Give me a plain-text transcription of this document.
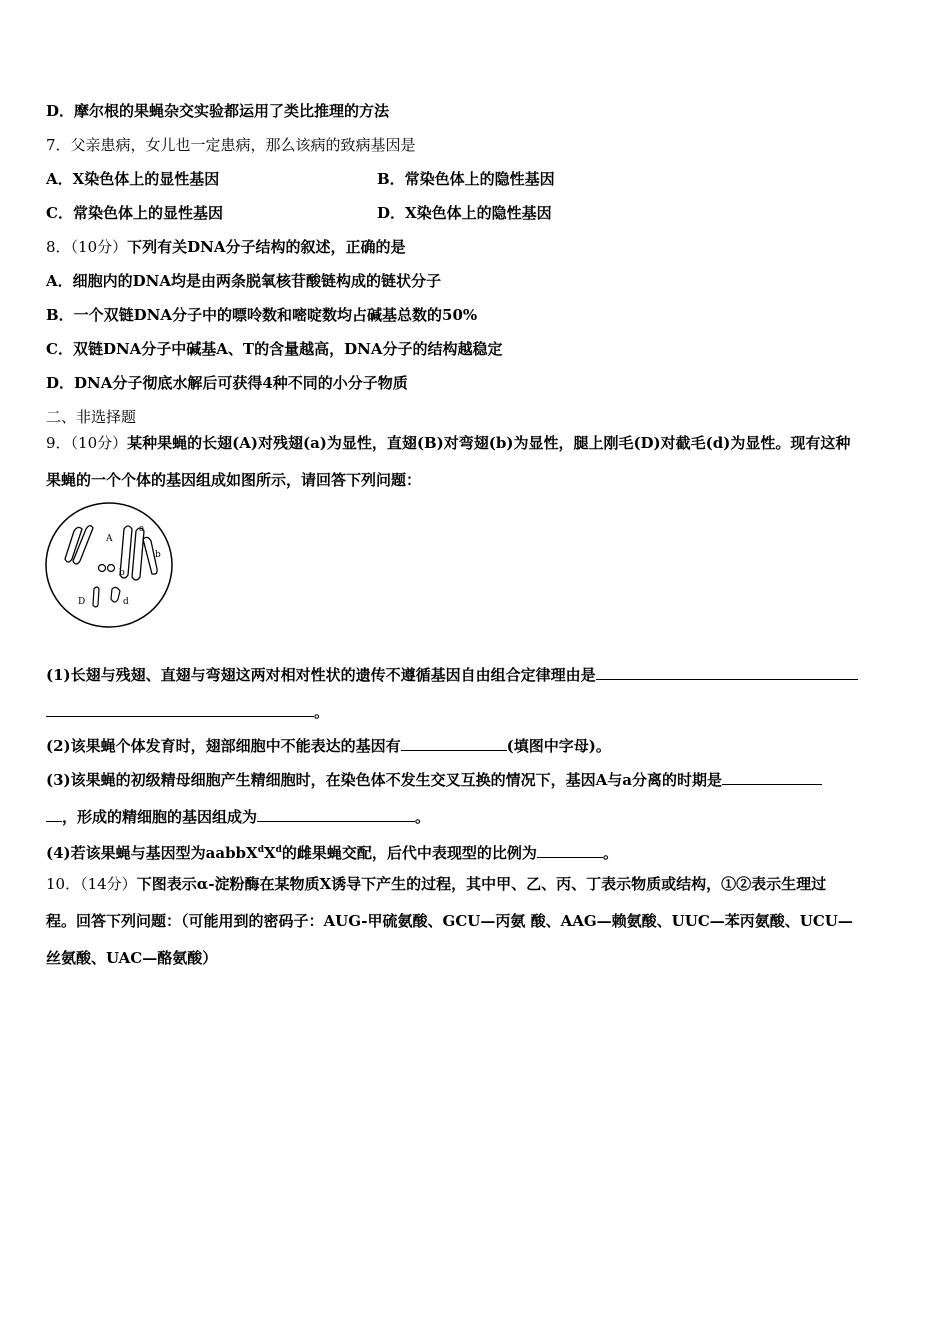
D．摩尔根的果蝇杂交实验都运用了类比推理的方法
7．父亲患病，女儿也一定患病，那么该病的致病基因是
A．X染色体上的显性基因	B．常染色体上的隐性基因
C．常染色体上的显性基因	D．X染色体上的隐性基因
8．（10分）下列有关DNA分子结构的叙述，正确的是
A．细胞内的DNA均是由两条脱氧核苷酸链构成的链状分子
B．一个双链DNA分子中的嘌呤数和嘧啶数均占碱基总数的50%
C．双链DNA分子中碱基A、T的含量越高，DNA分子的结构越稳定
D．DNA分子彻底水解后可获得4种不同的小分子物质
二、非选择题
9．（10分）某种果蝇的长翅(A)对残翅(a)为显性，直翅(B)对弯翅(b)为显性，腿上刚毛(D)对截毛(d)为显性。现有这种
果蝇的一个个体的基因组成如图所示，请回答下列问题：
A
a
b
b
D	d
(1)长翅与残翅、直翅与弯翅这两对相对性状的遗传不遵循基因自由组合定律理由是
。
(2)该果蝇个体发育时，翅部细胞中不能表达的基因有	(填图中字母)。
(3)该果蝇的初级精母细胞产生精细胞时，在染色体不发生交叉互换的情况下，基因A与a分离的时期是
，形成的精细胞的基因组成为	。
(4)若该果蝇与基因型为$aabbX^dX^d$的雌果蝇交配，后代中表现型的比例为	。
10．（14分）下图表示α-淀粉酶在某物质X诱导下产生的过程，其中甲、乙、丙、丁表示物质或结构，①②表示生理过
程。回答下列问题：（可能用到的密码子：AUG-甲硫氨酸、GCU—丙氨 酸、AAG—赖氨酸、UUC—苯丙氨酸、UCU—
丝氨酸、UAC—酪氨酸）
